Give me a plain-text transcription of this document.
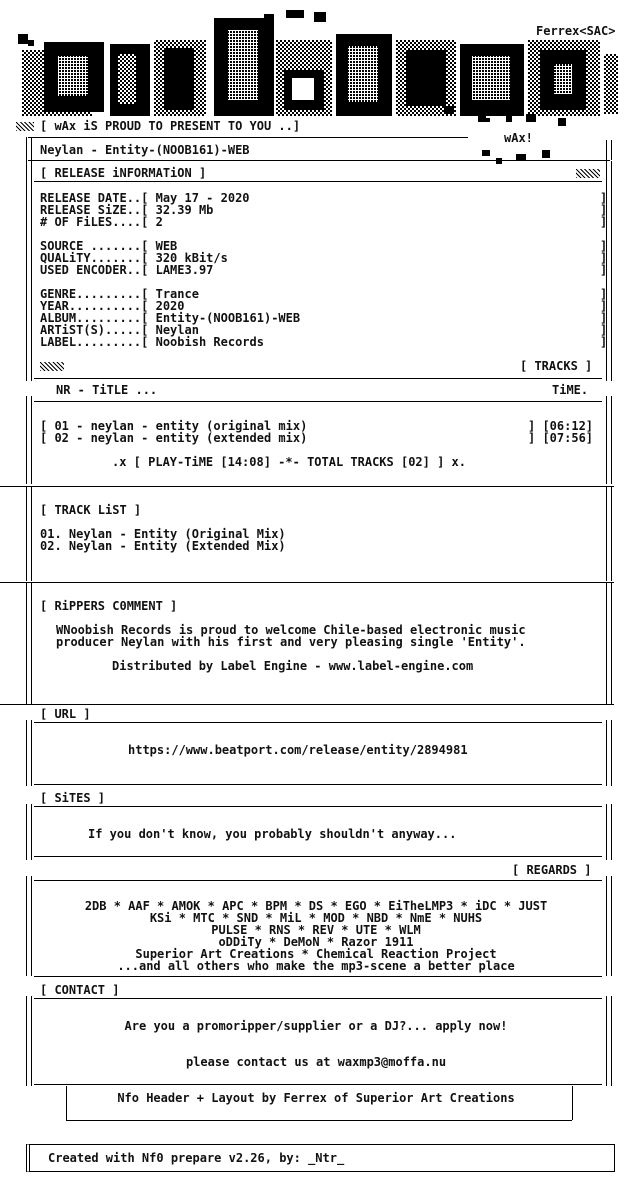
Ferrex<SAC>
[ wAx iS PROUD TO PRESENT TO YOU ..]
wAx!
Neylan - Entity-(NOOB161)-WEB
[ RELEASE iNFORMATiON ]
RELEASE DATE..[ May 17 - 2020
RELEASE SiZE..[ 32.39 Mb
# OF FiLES....[ 2
SOURCE .......[ WEB
QUALiTY.......[ 320 kBit/s
USED ENCODER..[ LAME3.97
GENRE.........[ Trance
YEAR..........[ 2020
ALBUM.........[ Entity-(NOOB161)-WEB
ARTiST(S).....[ Neylan
LABEL.........[ Noobish Records
]
]
]

]
]
]

]
]
]
]
]
[ TRACKS ]
NR - TiTLE ...	TiME.
[ 01 - neylan - entity (original mix)	] [06:12]
[ 02 - neylan - entity (extended mix)	] [07:56]
.x [ PLAY-TiME [14:08] -*- TOTAL TRACKS [02] ] x.
[ TRACK LiST ]
01. Neylan - Entity (Original Mix)
02. Neylan - Entity (Extended Mix)
[ RiPPERS C0MMENT ]
WNoobish Records is proud to welcome Chile-based electronic music
producer Neylan with his first and very pleasing single 'Entity'.
Distributed by Label Engine - www.label-engine.com
[ URL ]
https://www.beatport.com/release/entity/2894981
[ SiTES ]
If you don't know, you probably shouldn't anyway...
[ REGARDS ]
2DB * AAF * AMOK * APC * BPM * DS * EGO * EiTheLMP3 * iDC * JUST
KSi * MTC * SND * MiL * MOD * NBD * NmE * NUHS
PULSE * RNS * REV * UTE * WLM
oDDiTy * DeMoN * Razor 1911
Superior Art Creations * Chemical Reaction Project
...and all others who make the mp3-scene a better place
[ CONTACT ]
Are you a promoripper/supplier or a DJ?... apply now!
please contact us at waxmp3@moffa.nu
Nfo Header + Layout by Ferrex of Superior Art Creations
Created with Nf0 prepare v2.26, by: _Ntr_
